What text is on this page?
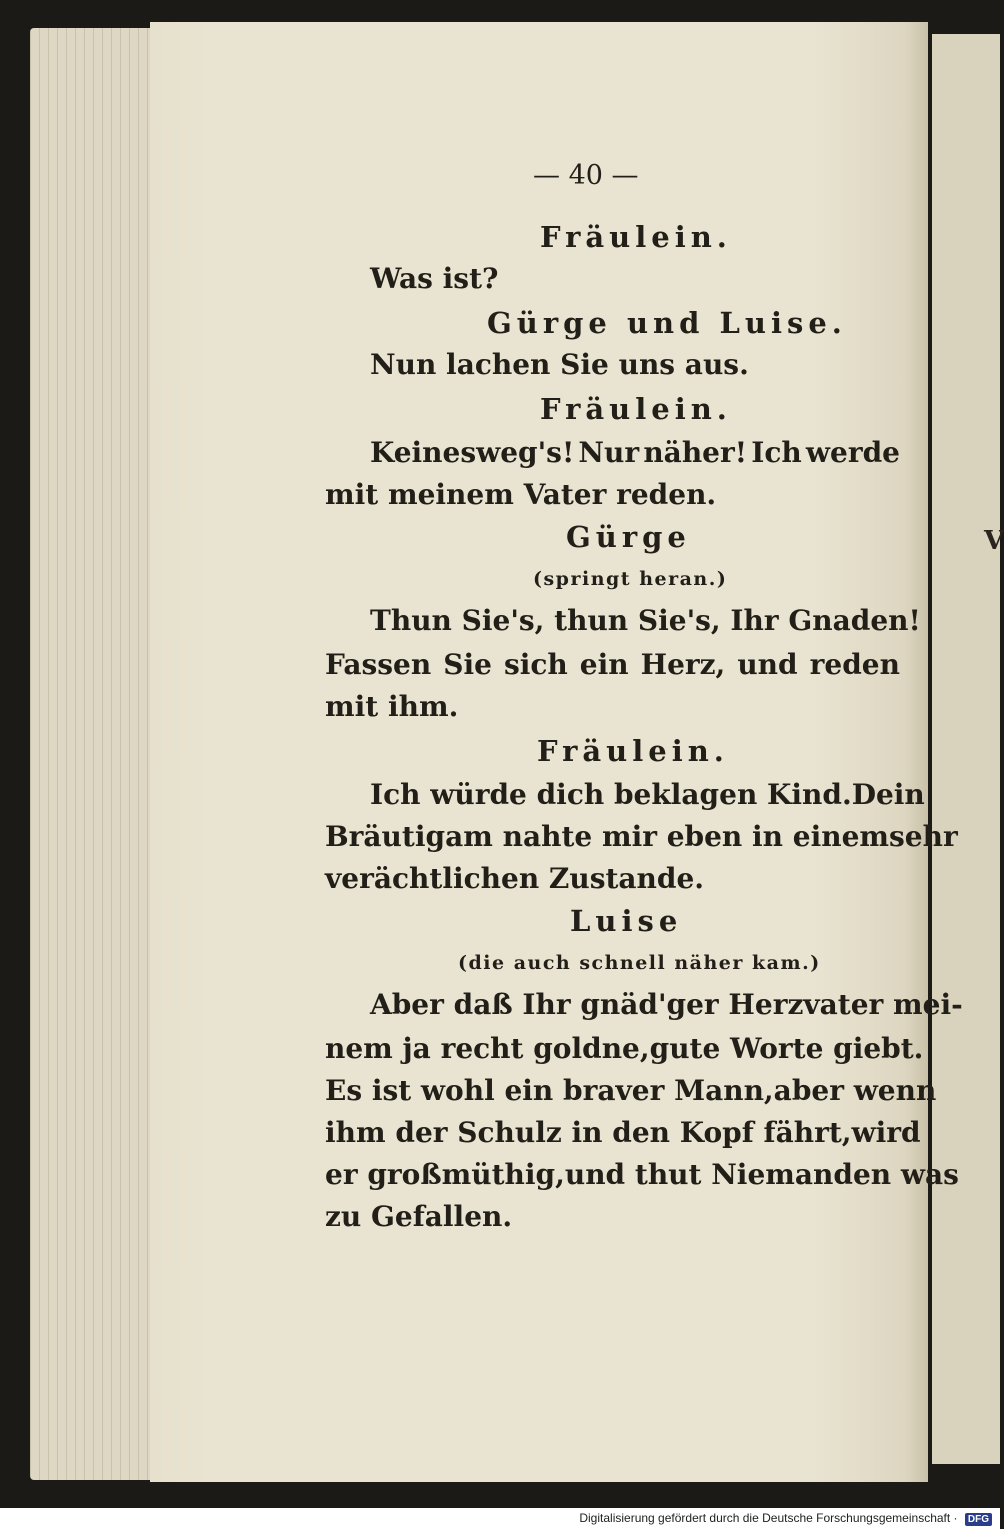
V
— 40 —
Fräulein.
Was ist?
Gürge und Luise.
Nun lachen Sie uns aus.
Fräulein.
Keinesweg's! Nur näher! Ich werde
mit meinem Vater reden.
Gürge
(springt heran.)
Thun Sie's, thun Sie's, Ihr Gnaden!
Fassen Sie sich ein Herz, und reden
mit ihm.
Fräulein.
Ich würde dich beklagen Kind. Dein
Bräutigam nahte mir eben in einem sehr
verächtlichen Zustande.
Luise
(die auch schnell näher kam.)
Aber daß Ihr gnäd'ger Herzvater mei-
nem ja recht goldne, gute Worte giebt.
Es ist wohl ein braver Mann, aber wenn
ihm der Schulz in den Kopf fährt, wird
er großmüthig, und thut Niemanden was
zu Gefallen.
Digitalisierung gefördert durch die Deutsche Forschungsgemeinschaft · DFG
